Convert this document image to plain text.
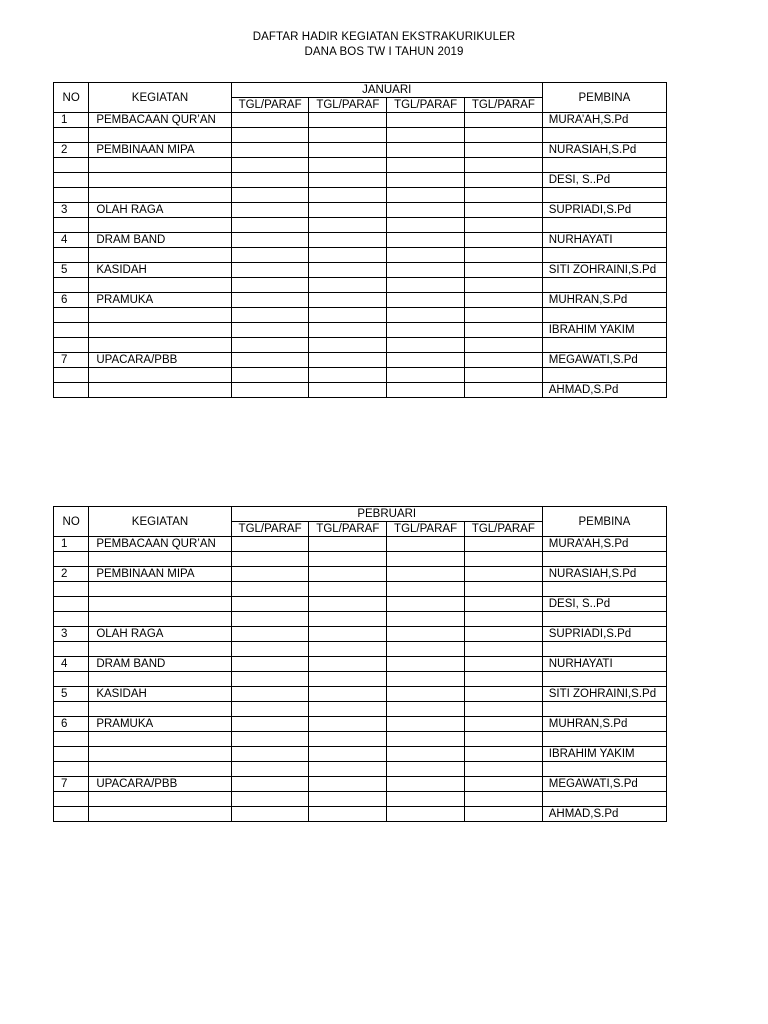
DAFTAR HADIR KEGIATAN EKSTRAKURIKULER
DANA BOS TW I TAHUN 2019
NO	KEGIATAN	JANUARI				PEMBINA
		TGL/PARAF	TGL/PARAF	TGL/PARAF	TGL/PARAF	
1	PEMBACAAN QUR’AN					MURA’AH,S.Pd

2	PEMBINAAN MIPA					NURASIAH,S.Pd

						DESI, S..Pd

3	OLAH RAGA					SUPRIADI,S.Pd

4	DRAM BAND					NURHAYATI

5	KASIDAH					SITI ZOHRAINI,S.Pd

6	PRAMUKA					MUHRAN,S.Pd

						IBRAHIM YAKIM

7	UPACARA/PBB					MEGAWATI,S.Pd

						AHMAD,S.Pd
NO	KEGIATAN	PEBRUARI				PEMBINA
		TGL/PARAF	TGL/PARAF	TGL/PARAF	TGL/PARAF	
1	PEMBACAAN QUR’AN					MURA’AH,S.Pd

2	PEMBINAAN MIPA					NURASIAH,S.Pd

						DESI, S..Pd

3	OLAH RAGA					SUPRIADI,S.Pd

4	DRAM BAND					NURHAYATI

5	KASIDAH					SITI ZOHRAINI,S.Pd

6	PRAMUKA					MUHRAN,S.Pd

						IBRAHIM YAKIM

7	UPACARA/PBB					MEGAWATI,S.Pd

						AHMAD,S.Pd
